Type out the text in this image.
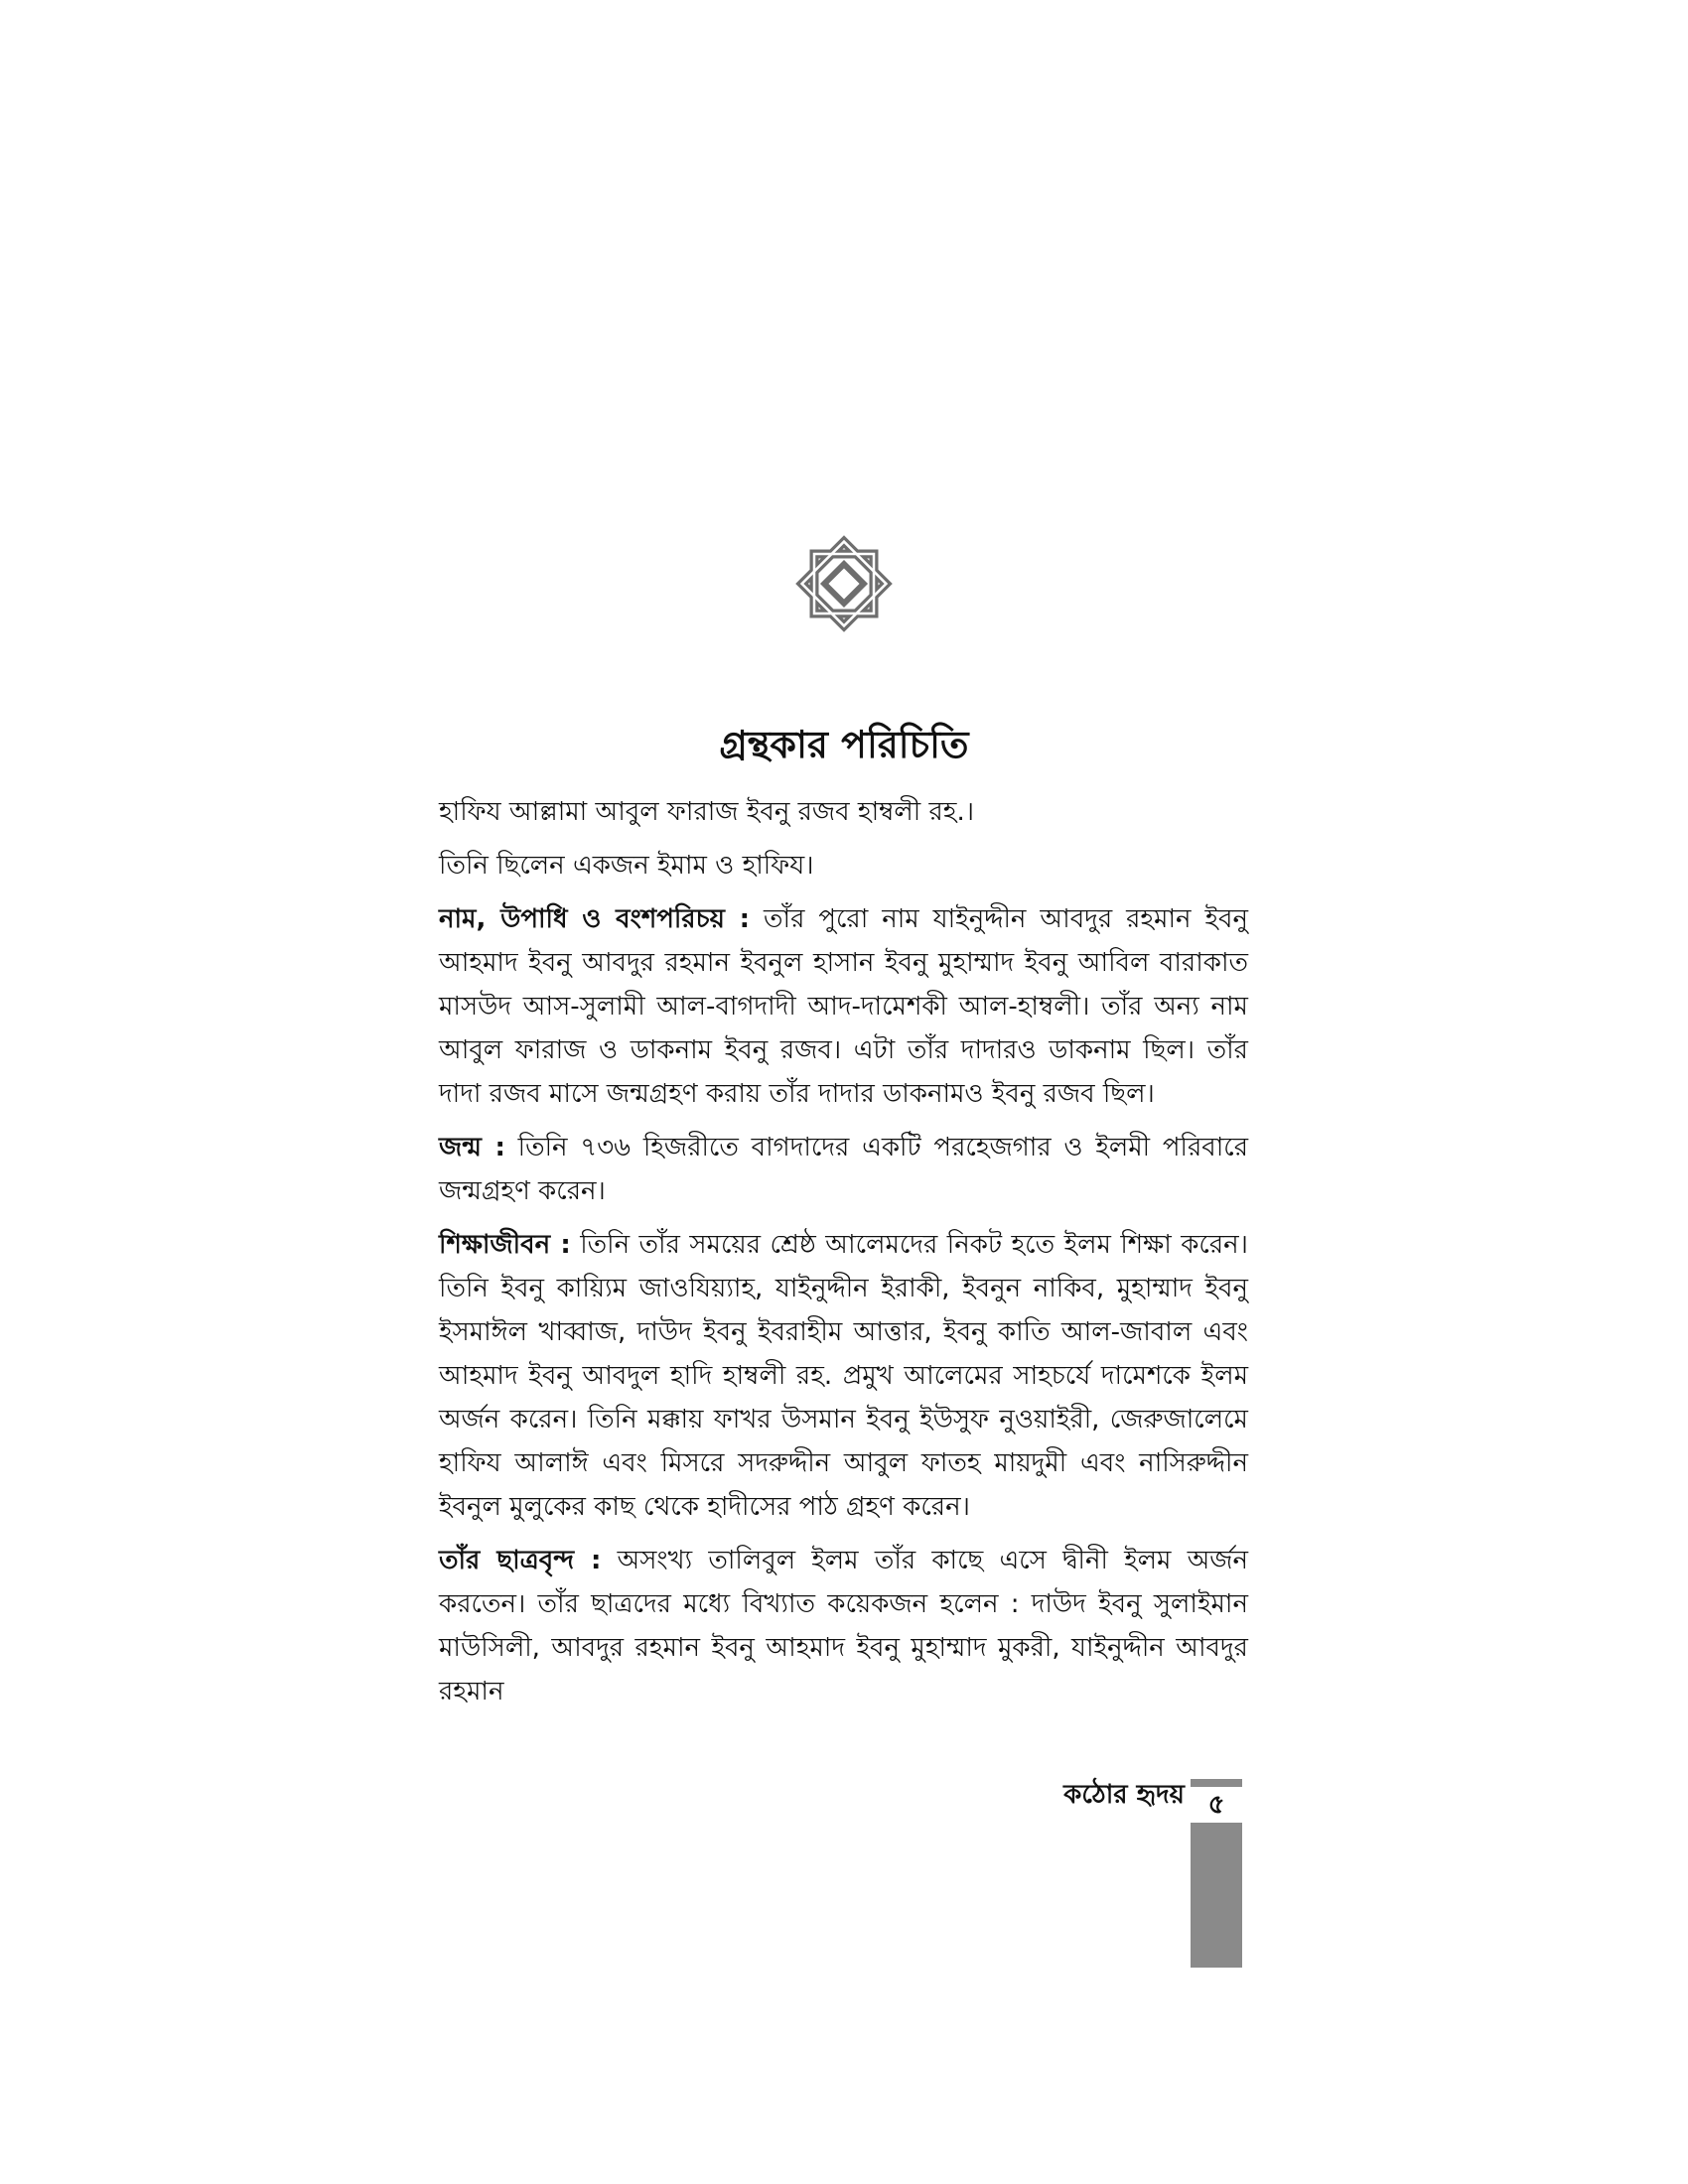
গ্রন্থকার পরিচিতি

হাফিয আল্লামা আবুল ফারাজ ইবনু রজব হাম্বলী রহ.।

তিনি ছিলেন একজন ইমাম ও হাফিয।

নাম, উপাধি ও বংশপরিচয় : তাঁর পুরো নাম যাইনুদ্দীন আবদুর রহমান ইবনু আহমাদ ইবনু আবদুর রহমান ইবনুল হাসান ইবনু মুহাম্মাদ ইবনু আবিল বারাকাত মাসউদ আস-সুলামী আল-বাগদাদী আদ-দামেশকী আল-হাম্বলী। তাঁর অন্য নাম আবুল ফারাজ ও ডাকনাম ইবনু রজব। এটা তাঁর দাদারও ডাকনাম ছিল। তাঁর দাদা রজব মাসে জন্মগ্রহণ করায় তাঁর দাদার ডাকনামও ইবনু রজব ছিল।

জন্ম : তিনি ৭৩৬ হিজরীতে বাগদাদের একটি পরহেজগার ও ইলমী পরিবারে জন্মগ্রহণ করেন।

শিক্ষাজীবন : তিনি তাঁর সময়ের শ্রেষ্ঠ আলেমদের নিকট হতে ইলম শিক্ষা করেন। তিনি ইবনু কায়্যিম জাওযিয়্যাহ, যাইনুদ্দীন ইরাকী, ইবনুন নাকিব, মুহাম্মাদ ইবনু ইসমাঈল খাব্বাজ, দাউদ ইবনু ইবরাহীম আত্তার, ইবনু কাতি আল-জাবাল এবং আহমাদ ইবনু আবদুল হাদি হাম্বলী রহ. প্রমুখ আলেমের সাহচর্যে দামেশকে ইলম অর্জন করেন। তিনি মক্কায় ফাখর উসমান ইবনু ইউসুফ নুওয়াইরী, জেরুজালেমে হাফিয আলাঈ এবং মিসরে সদরুদ্দীন আবুল ফাতহ মায়দুমী এবং নাসিরুদ্দীন ইবনুল মুলুকের কাছ থেকে হাদীসের পাঠ গ্রহণ করেন।

তাঁর ছাত্রবৃন্দ : অসংখ্য তালিবুল ইলম তাঁর কাছে এসে দ্বীনী ইলম অর্জন করতেন। তাঁর ছাত্রদের মধ্যে বিখ্যাত কয়েকজন হলেন : দাউদ ইবনু সুলাইমান মাউসিলী, আবদুর রহমান ইবনু আহমাদ ইবনু মুহাম্মাদ মুকরী, যাইনুদ্দীন আবদুর রহমান

কঠোর হৃদয় ৫
